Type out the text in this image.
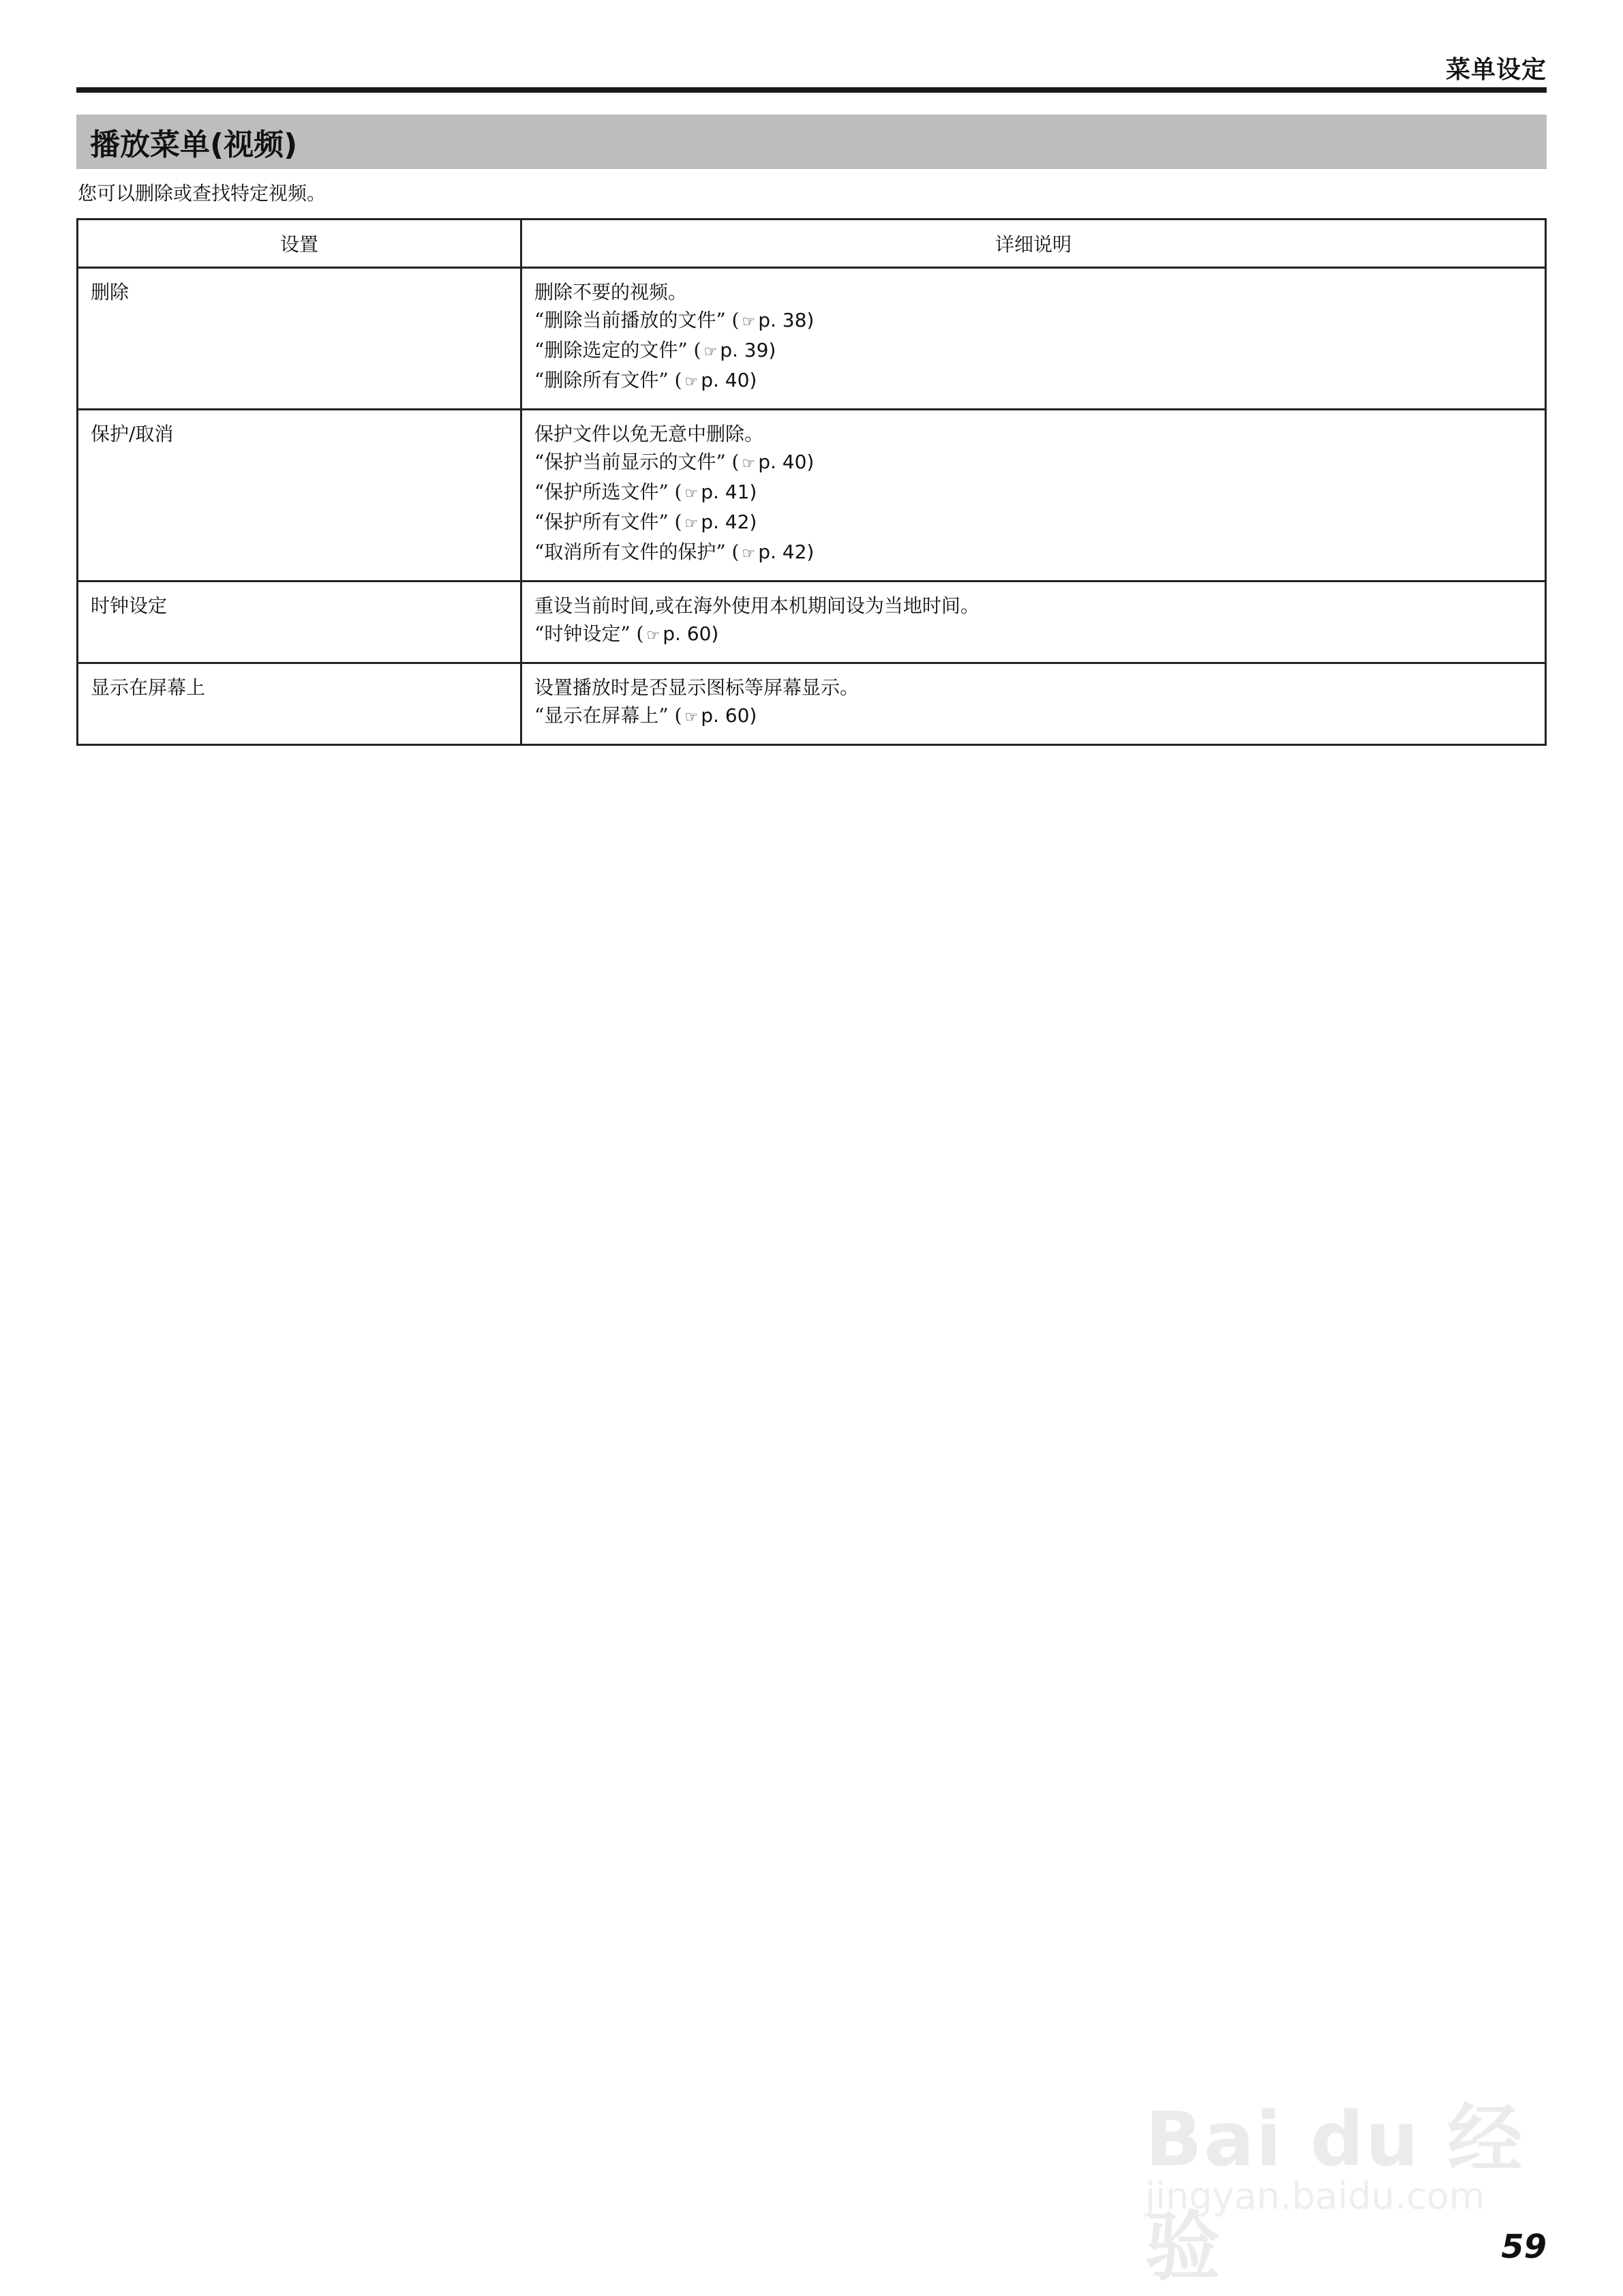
菜单设定
播放菜单(视频)
您可以删除或查找特定视频。
设置	详细说明
删除	删除不要的视频。
“删除当前播放的文件” ( ☞ p. 38)
“删除选定的文件” ( ☞ p. 39)
“删除所有文件” ( ☞ p. 40)

保护/取消	保护文件以免无意中删除。
“保护当前显示的文件” ( ☞ p. 40)
“保护所选文件” ( ☞ p. 41)
“保护所有文件” ( ☞ p. 42)
“取消所有文件的保护” ( ☞ p. 42)

时钟设定	重设当前时间,或在海外使用本机期间设为当地时间。
“时钟设定” ( ☞ p. 60)

显示在屏幕上	设置播放时是否显示图标等屏幕显示。
“显示在屏幕上” ( ☞ p. 60)
Bai du 经验
jingyan.baidu.com
59
